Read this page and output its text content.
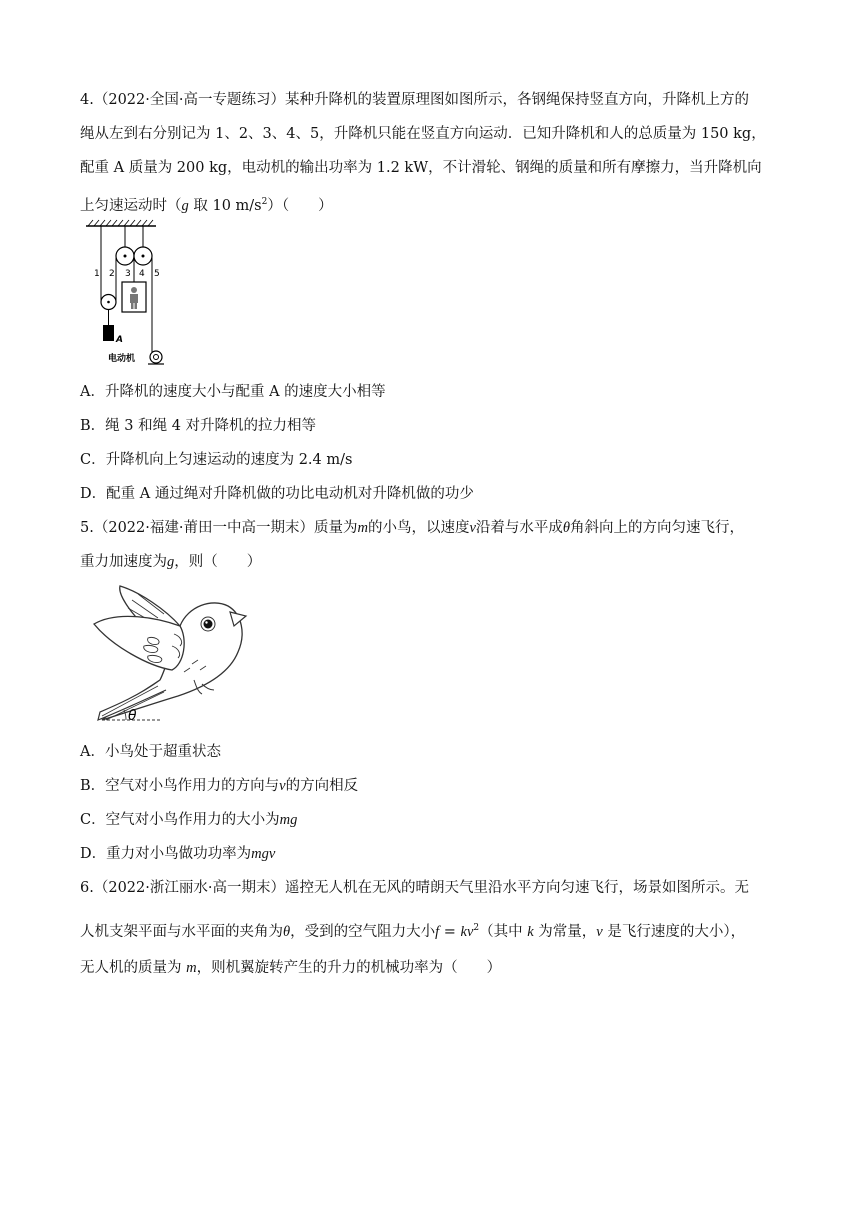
4.（2022·全国·高一专题练习）某种升降机的装置原理图如图所示，各钢绳保持竖直方向，升降机上方的
绳从左到右分别记为 1、2、3、4、5，升降机只能在竖直方向运动．已知升降机和人的总质量为 150 kg，
配重 A 质量为 200 kg，电动机的输出功率为 1.2 kW，不计滑轮、钢绳的质量和所有摩擦力，当升降机向
上匀速运动时（g 取 10 $m/s^2$）（　　）
1 2 3 4 5
A
电动机
A．升降机的速度大小与配重 A 的速度大小相等
B．绳 3 和绳 4 对升降机的拉力相等
C．升降机向上匀速运动的速度为 2.4 m/s
D．配重 A 通过绳对升降机做的功比电动机对升降机做的功少
5.（2022·福建·莆田一中高一期末）质量为m的小鸟，以速度v沿着与水平成θ角斜向上的方向匀速飞行，
重力加速度为g，则（　　）
θ
A．小鸟处于超重状态
B．空气对小鸟作用力的方向与v的方向相反
C．空气对小鸟作用力的大小为mg
D．重力对小鸟做功功率为mgv
6.（2022·浙江丽水·高一期末）遥控无人机在无风的晴朗天气里沿水平方向匀速飞行，场景如图所示。无
人机支架平面与水平面的夹角为θ，受到的空气阻力大小$f = kv^2$（其中 k 为常量，v 是飞行速度的大小），
无人机的质量为 m，则机翼旋转产生的升力的机械功率为（　　）
